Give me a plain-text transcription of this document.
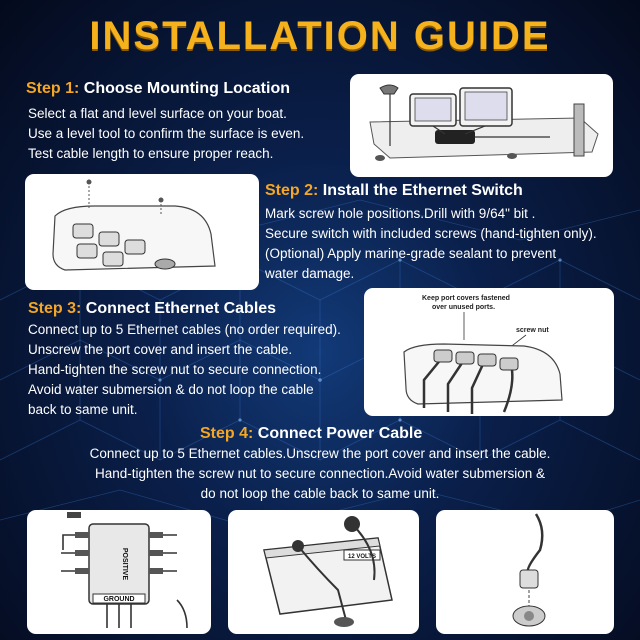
INSTALLATION GUIDE
Step 1: Choose Mounting Location
Select a flat and level surface on your boat.
Use a level tool to confirm the surface is even.
Test cable length to ensure proper reach.
Step 2: Install the Ethernet Switch
Mark screw hole positions.Drill with 9/64" bit .
Secure switch with included screws (hand-tighten only).
(Optional) Apply marine-grade sealant to prevent
water damage.
Step 3: Connect Ethernet Cables
Connect up to 5 Ethernet cables (no order required).
Unscrew the port cover and insert the cable.
Hand-tighten the screw nut to secure connection.
Avoid water submersion & do not loop the cable
back to same unit.
Keep port covers fastened
over unused ports.
screw nut
Step 4: Connect Power Cable
Connect up to 5 Ethernet cables.Unscrew the port cover and insert the cable.
Hand-tighten the screw nut to secure connection.Avoid water submersion &
do not loop the cable back to same unit.
POSITIVE
GROUND
12 VOLTS
